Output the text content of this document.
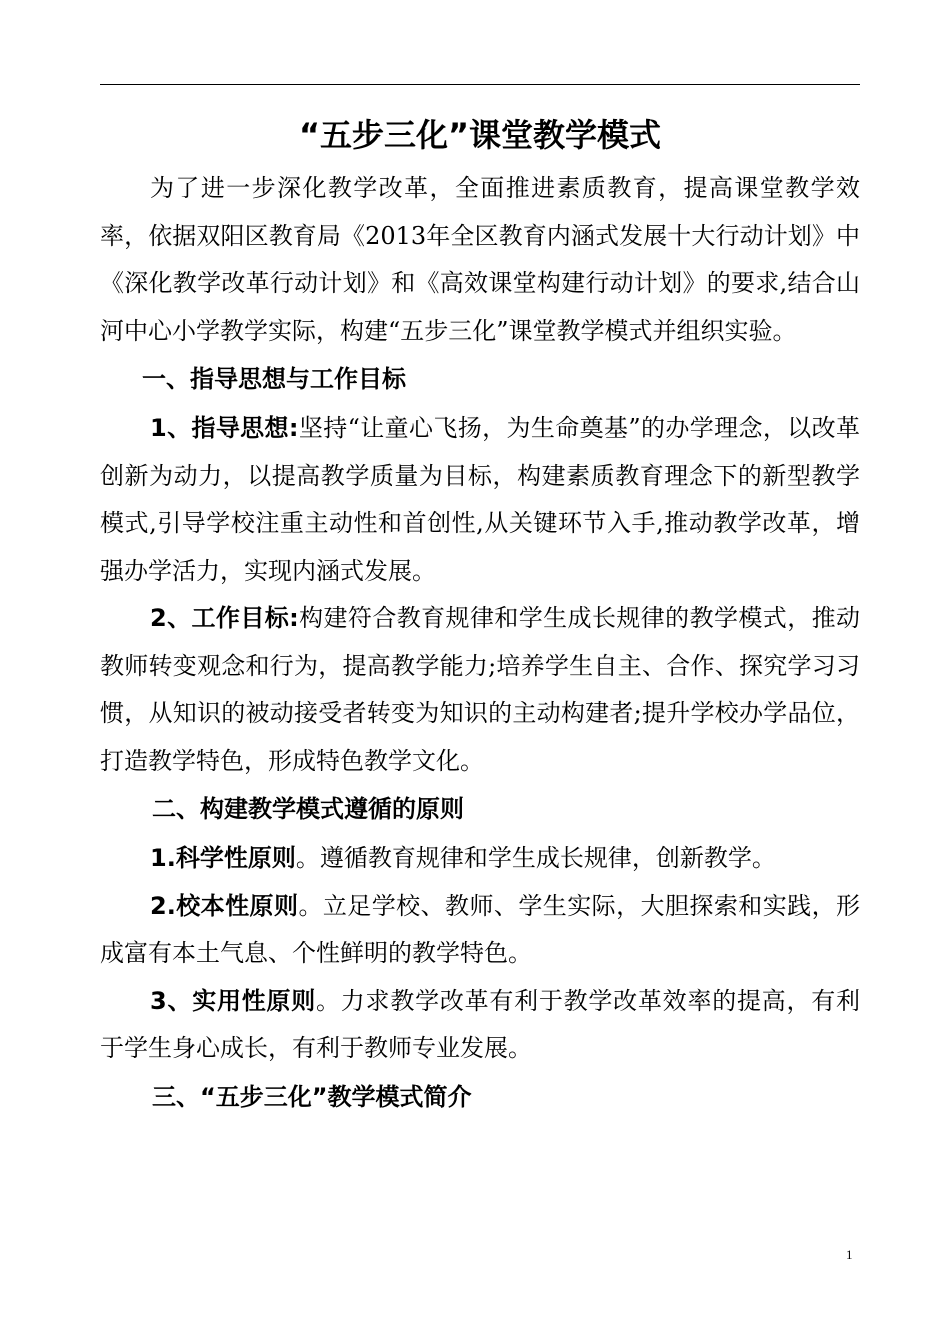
“五步三化”课堂教学模式

为了进一步深化教学改革，全面推进素质教育，提高课堂教学效率，依据双阳区教育局《2013年全区教育内涵式发展十大行动计划》中《深化教学改革行动计划》和《高效课堂构建行动计划》的要求,结合山河中心小学教学实际，构建“五步三化”课堂教学模式并组织实验。

一、指导思想与工作目标

1、指导思想:坚持“让童心飞扬，为生命奠基”的办学理念，以改革创新为动力，以提高教学质量为目标，构建素质教育理念下的新型教学模式,引导学校注重主动性和首创性,从关键环节入手,推动教学改革，增强办学活力，实现内涵式发展。

2、工作目标:构建符合教育规律和学生成长规律的教学模式，推动教师转变观念和行为，提高教学能力;培养学生自主、合作、探究学习习惯，从知识的被动接受者转变为知识的主动构建者;提升学校办学品位，打造教学特色，形成特色教学文化。

二、构建教学模式遵循的原则

1.科学性原则。遵循教育规律和学生成长规律，创新教学。

2.校本性原则。立足学校、教师、学生实际，大胆探索和实践，形成富有本土气息、个性鲜明的教学特色。

3、实用性原则。力求教学改革有利于教学改革效率的提高，有利于学生身心成长，有利于教师专业发展。

三、“五步三化”教学模式简介

1
